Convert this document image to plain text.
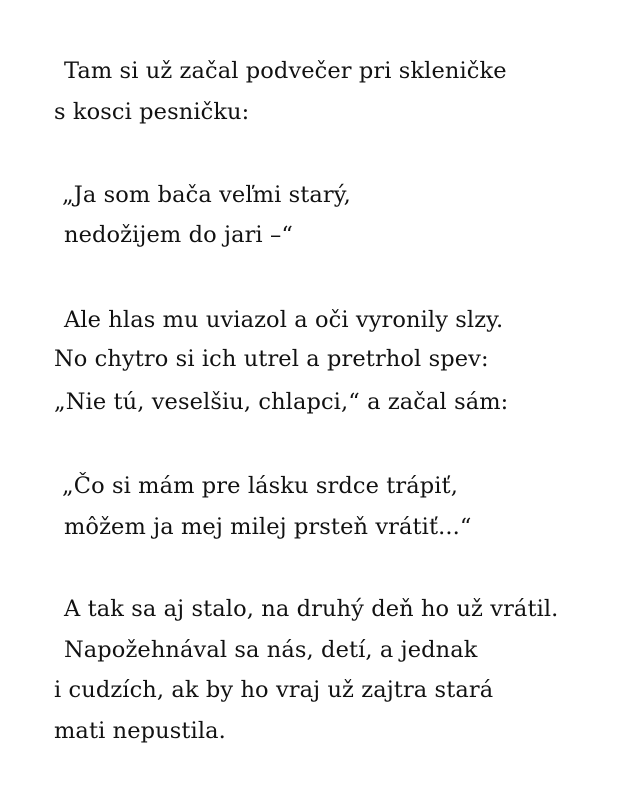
Tam si už začal podvečer pri skleničke
s kosci pesničku:
„Ja som bača veľmi starý,
nedožijem do jari –“
Ale hlas mu uviazol a oči vyronily slzy.
No chytro si ich utrel a pretrhol spev:
„Nie tú, veselšiu, chlapci,“ a začal sám:
„Čo si mám pre lásku srdce trápiť,
môžem ja mej milej prsteň vrátiť...“
A tak sa aj stalo, na druhý deň ho už vrátil.
Napožehnával sa nás, detí, a jednak
i cudzích, ak by ho vraj už zajtra stará
mati nepustila.
